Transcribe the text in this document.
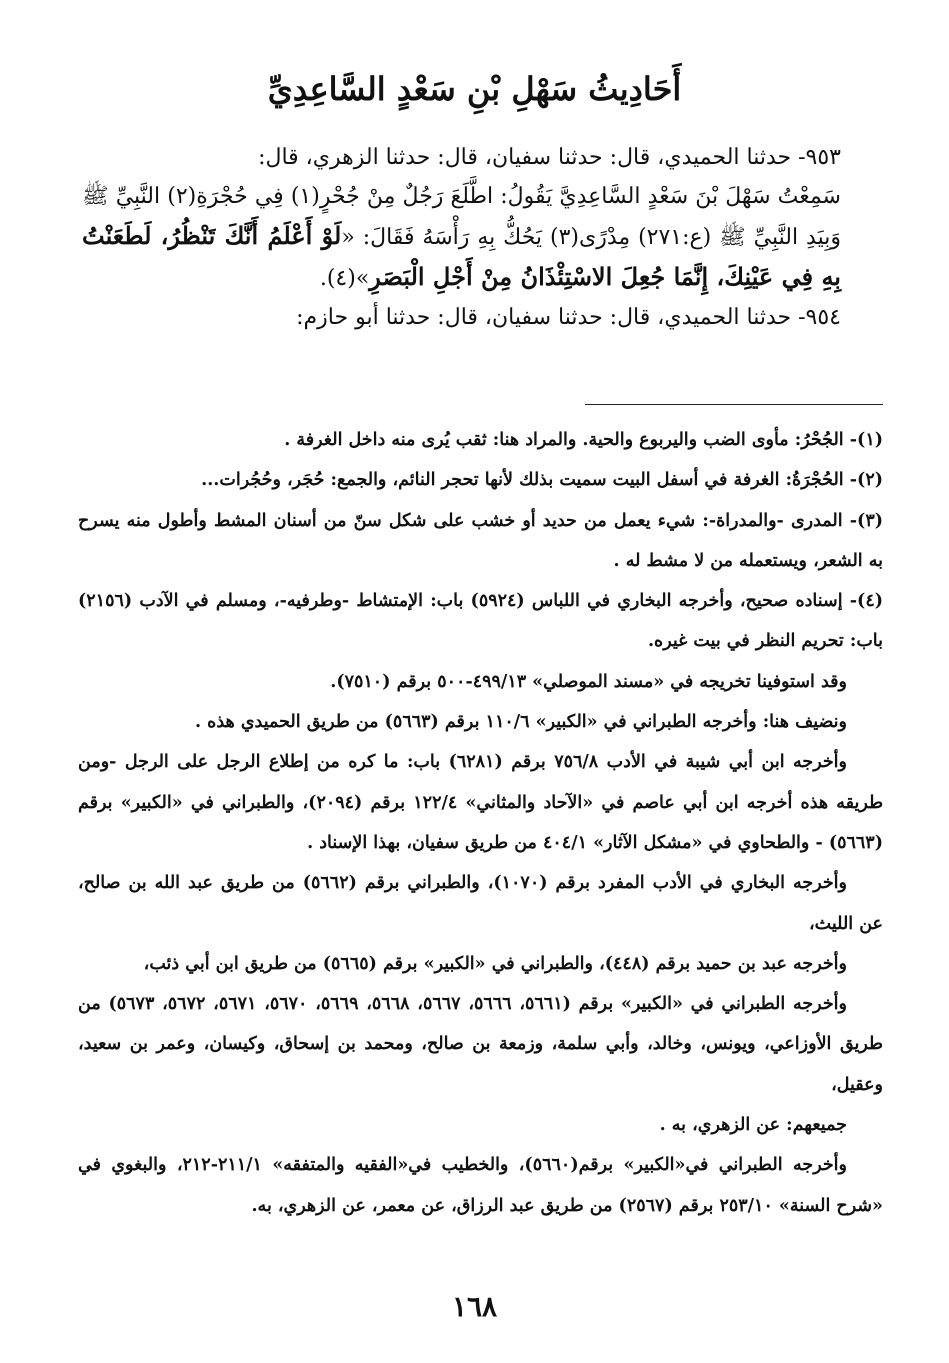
أَحَادِيثُ سَهْلِ بْنِ سَعْدٍ السَّاعِدِيِّ

٩٥٣- حدثنا الحميدي، قال: حدثنا سفيان، قال: حدثنا الزهري، قال:

سَمِعْتُ سَهْلَ بْنَ سَعْدٍ السَّاعِدِيَّ يَقُولُ: اطَّلَعَ رَجُلٌ مِنْ جُحْرٍ(١) فِي حُجْرَةِ(٢) النَّبِيِّ ﷺ وَبِيَدِ النَّبِيِّ ﷺ (ع:٢٧١) مِدْرًى(٣) يَحُكُّ بِهِ رَأْسَهُ فَقَالَ: «لَوْ أَعْلَمُ أَنَّكَ تَنْظُرُ، لَطَعَنْتُ بِهِ فِي عَيْنِكَ، إِنَّمَا جُعِلَ الاسْتِئْذَانُ مِنْ أَجْلِ الْبَصَرِ»(٤).

٩٥٤- حدثنا الحميدي، قال: حدثنا سفيان، قال: حدثنا أبو حازم:

(١)- الجُحْرُ: مأوى الضب واليربوع والحية. والمراد هنا: ثقب يُرى منه داخل الغرفة .

(٢)- الحُجْرَةُ: الغرفة في أسفل البيت سميت بذلك لأنها تحجر النائم، والجمع: حُجَر، وحُجُرات...

(٣)- المدرى -والمدراة-: شيء يعمل من حديد أو خشب على شكل سنّ من أسنان المشط وأطول منه يسرح به الشعر، ويستعمله من لا مشط له .

(٤)- إسناده صحيح، وأخرجه البخاري في اللباس (٥٩٢٤) باب: الإمتشاط -وطرفيه-، ومسلم في الآدب (٢١٥٦) باب: تحريم النظر في بيت غيره.

وقد استوفينا تخريجه في «مسند الموصلي» ٤٩٩/١٣-٥٠٠ برقم (٧٥١٠).

ونضيف هنا: وأخرجه الطبراني في «الكبير» ١١٠/٦ برقم (٥٦٦٣) من طريق الحميدي هذه .

وأخرجه ابن أبي شيبة في الأدب ٧٥٦/٨ برقم (٦٢٨١) باب: ما كره من إطلاع الرجل على الرجل -ومن طريقه هذه أخرجه ابن أبي عاصم في «الآحاد والمثاني» ١٢٢/٤ برقم (٢٠٩٤)، والطبراني في «الكبير» برقم (٥٦٦٣) - والطحاوي في «مشكل الآثار» ٤٠٤/١ من طريق سفيان، بهذا الإسناد .

وأخرجه البخاري في الأدب المفرد برقم (١٠٧٠)، والطبراني برقم (٥٦٦٢) من طريق عبد الله بن صالح، عن الليث،

وأخرجه عبد بن حميد برقم (٤٤٨)، والطبراني في «الكبير» برقم (٥٦٦٥) من طريق ابن أبي ذئب،

وأخرجه الطبراني في «الكبير» برقم (٥٦٦١، ٥٦٦٦، ٥٦٦٧، ٥٦٦٨، ٥٦٦٩، ٥٦٧٠، ٥٦٧١، ٥٦٧٢، ٥٦٧٣) من طريق الأوزاعي، ويونس، وخالد، وأبي سلمة، وزمعة بن صالح، ومحمد بن إسحاق، وكيسان، وعمر بن سعيد، وعقيل،

جميعهم: عن الزهري، به .

وأخرجه الطبراني في«الكبير» برقم(٥٦٦٠)، والخطيب في«الفقيه والمتفقه» ٢١١/١-٢١٢، والبغوي في «شرح السنة» ٢٥٣/١٠ برقم (٢٥٦٧) من طريق عبد الرزاق، عن معمر، عن الزهري، به.

١٦٨
